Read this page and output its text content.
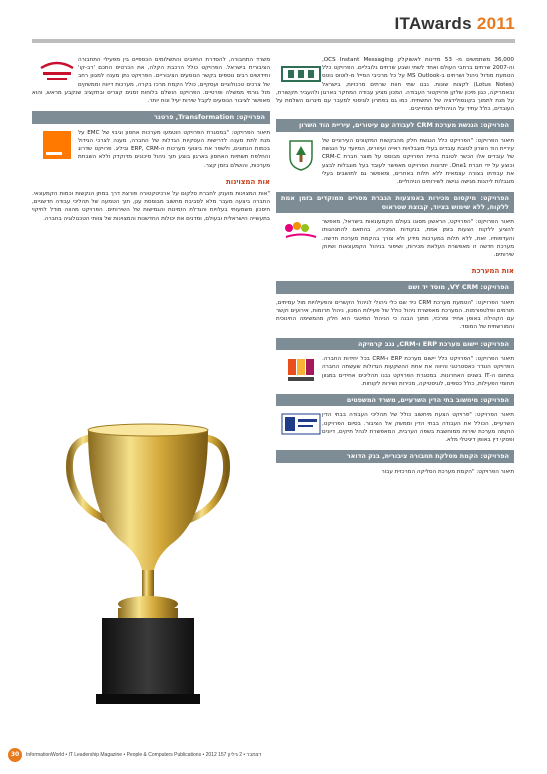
ITAwards 2011

36,000 משתמשים מ- 53 מדינות לאשוקלק OCS Instant Messaging, וה-2007 שרתים ברחבי העולם ואחד לשתי ושבע שרתים גלובליים. הפרויקט כלל הטמעת מודול ניהול ושרתים ב-MS Outlook על כל מרכיבי המייל מ-לוטוס נוטס (Lotus Notes) לקצות שונות. נבנו שתי חוות שרתים מרכזיות, בישראל ובאמריקה, כגון מיכון שלקן פרויקטור העבודה. המכון מציע עבודה המחקר בארגון ולהעביר תקשורת, על מנת לתמוך בקונסולידציה של התשתית. כמו גם בפתרון לוגיסטי למעבר עם מיגרום השלמת על העובדים, כולל עתיד על הניהוליים המחייבים.

הפרויקט: הנגשת מערכת CRM לעבודה עם עיטורים, עיריית הוד השרון

תיאור הפרויקט: "הפרויקט כלל הנגשת חלק מהבקשות המקוונים העירוניים של עיריית הוד השרון לטובת עובדים בעלי מוגבלויות ראייה ועיוורים, המיועד על הנגשת של עובדים אלו הכשר לטובת בריית הפרויקט מבוסס על מוצר חברת CRM-C וכוצע על ידי חברת One1. יתרונות הפרויקט מאפשר לעובד בעל מוגבלות לבצע את עבודתו בצורה עצמאית ללא תלות באחרים, ומאפשר גם לתושבים בעלי מוגבלות ליהנות מגישה נגישה לשירותים הניהוליים.

הפרויקט: מיקסום מכירות באמצעות הגברת מסרים ממוקדים בזמן אמת ללקוח, ללא שימוש בציוד, קבוצת שטראוס

תיאור הפרויקט: "הפרויקט, הראשון מסוגו בעולם הקמעונאות בישראל, מאפשר להציע ללקוח הצעות בזמן אמת, בנקודות המכירה, בהתאם להתנהגותו והעדפותיו. זאת, ללא תלות במערכות מידע ולא צורך בהקמת מערכת חדשה. מערכת חדשה זו מאפשרת העלאת מכירות, ושיפור בניהול הקמעונאות ושיווק שירותים.

אות המערכת
הפרויקט: VY CRM, מוסד יד ושם

תיאור הפרויקט: "הטמעת מערכת CRM כיד שם כלי ניהולי לניהול הקשרים והפעילויות מול עמיתים, תורמים ופלטפורמות. המערכת מאפשרת ניהול כולל של פעילות המכון, ניהול תרומות, אירועים וקשר עם הקהילה באופן אחיד ומרכזי, מתוך הבנה כי הניהול המיטבי הוא חלק מהמשימה החינוכית והמורשתית של המוסד.

הפרויקט: יישום מערכת ERP ו-CRM, נגב קרמיקה

תיאור הפרויקט: "הפרויקט כלל יישום מערכת ERP ו-CRM בכל יחידות החברה. הפרויקט הוגדר כאסטרטגי והיווה את אחת ההשקעות הגדולות שעשתה החברה בתחום ה-IT בשנים האחרונות. במסגרת הפרויקט נבנו תהליכים אחידים במגוון תחומי הפעילות, כולל כספים, לוגיסטיקה, מכירות ושירות לקוחות.

הפרויקט: מיחשוב בתי הדין השרעיים, משרד המשפטים

תיאור הפרויקט: "פרויקט הצעת מיחשוב כולל של תהליכי העבודה בבתי הדין השרעיים, הכולל את העבודה בבתי הדין וממשק אל הציבור. בסיום הפרויקט, הוקמה מערכת שירות ממוחשבת בשפה הערבית, המאפשרת לנהל תיקים, דיונים ופסקי דין באופן דיגיטלי מלא.

הפרויקט: הקמת מסלקת תחבורה ציבורית, בנק הדואר

תיאור הפרויקט: "הקמת מערכת הסליקה המרכזית עבור

משרד התחבורה, להסדרת החיובים והתשלומים הכספיים בין מפעילי התחבורה הציבורית בישראל. הפרויקט כולל הרכבת הקלה, את הכרטיס החכם 'רב-קו' וחידושים רבים נוספים בקשר הנוסעים הציבוריים. הפרויקט נתן מענה למגוון רחב של צרכים טכנולוגיים ועסקיים, כולל הקמת מרכז בקרה, מערכות דיווח וממשקים מול גורמי ממשלה ופרטיים. הפרויקט הושלם בלוחות זמנים קצרים ובתקציב שנקבע מראש, והוא מאפשר לציבור הנוסעים לקבל שירות יעיל ונוח יותר.

הפרויקט: Transformation, פרטנר

תיאור הפרויקט: "במסגרת הפרויקט הוטמעו מערכות אחסון וגיבוי של EMC על מנת לתת מענה לדרישות העסקיות הגדלות של החברה, מענה לצרכי הגידול בכמות הנתונים, ולשפר את ביצועי מערכות ה-ERP, CRM וביליג. פרויקט שדרוג והחלפת תשתיות האחסון בארגון בוצע תוך ניהול סיכונים מדוקדק וללא השבתת מערכות, והושלם בזמן קצר.

אות המצוינות

"אות המצוינות מוענק לחברת סלקום על ארכיטקטורה פורצת דרך במתן הנקשות וכמות הקמעונאי. החברה ביצעה מעבר מלא לסביבת מחשוב מבוססת ענן, תוך הטמעה של תהליכי עבודה חדשניים, חיסכון משמעותי בעלויות והגדלת הזמינות והגמישות של השירותים. הפרויקט מהווה מודל לחיקוי בתעשייה הישראלית ובעולם, ומדגים את יכולות החדשנות והמצוינות של צוותי הטכנולוגיה בחברה.

30	InformationWorld • IT Leadership Magazine • People & Computers Publications • 2012 דצמבר • 2 גיליון 157
